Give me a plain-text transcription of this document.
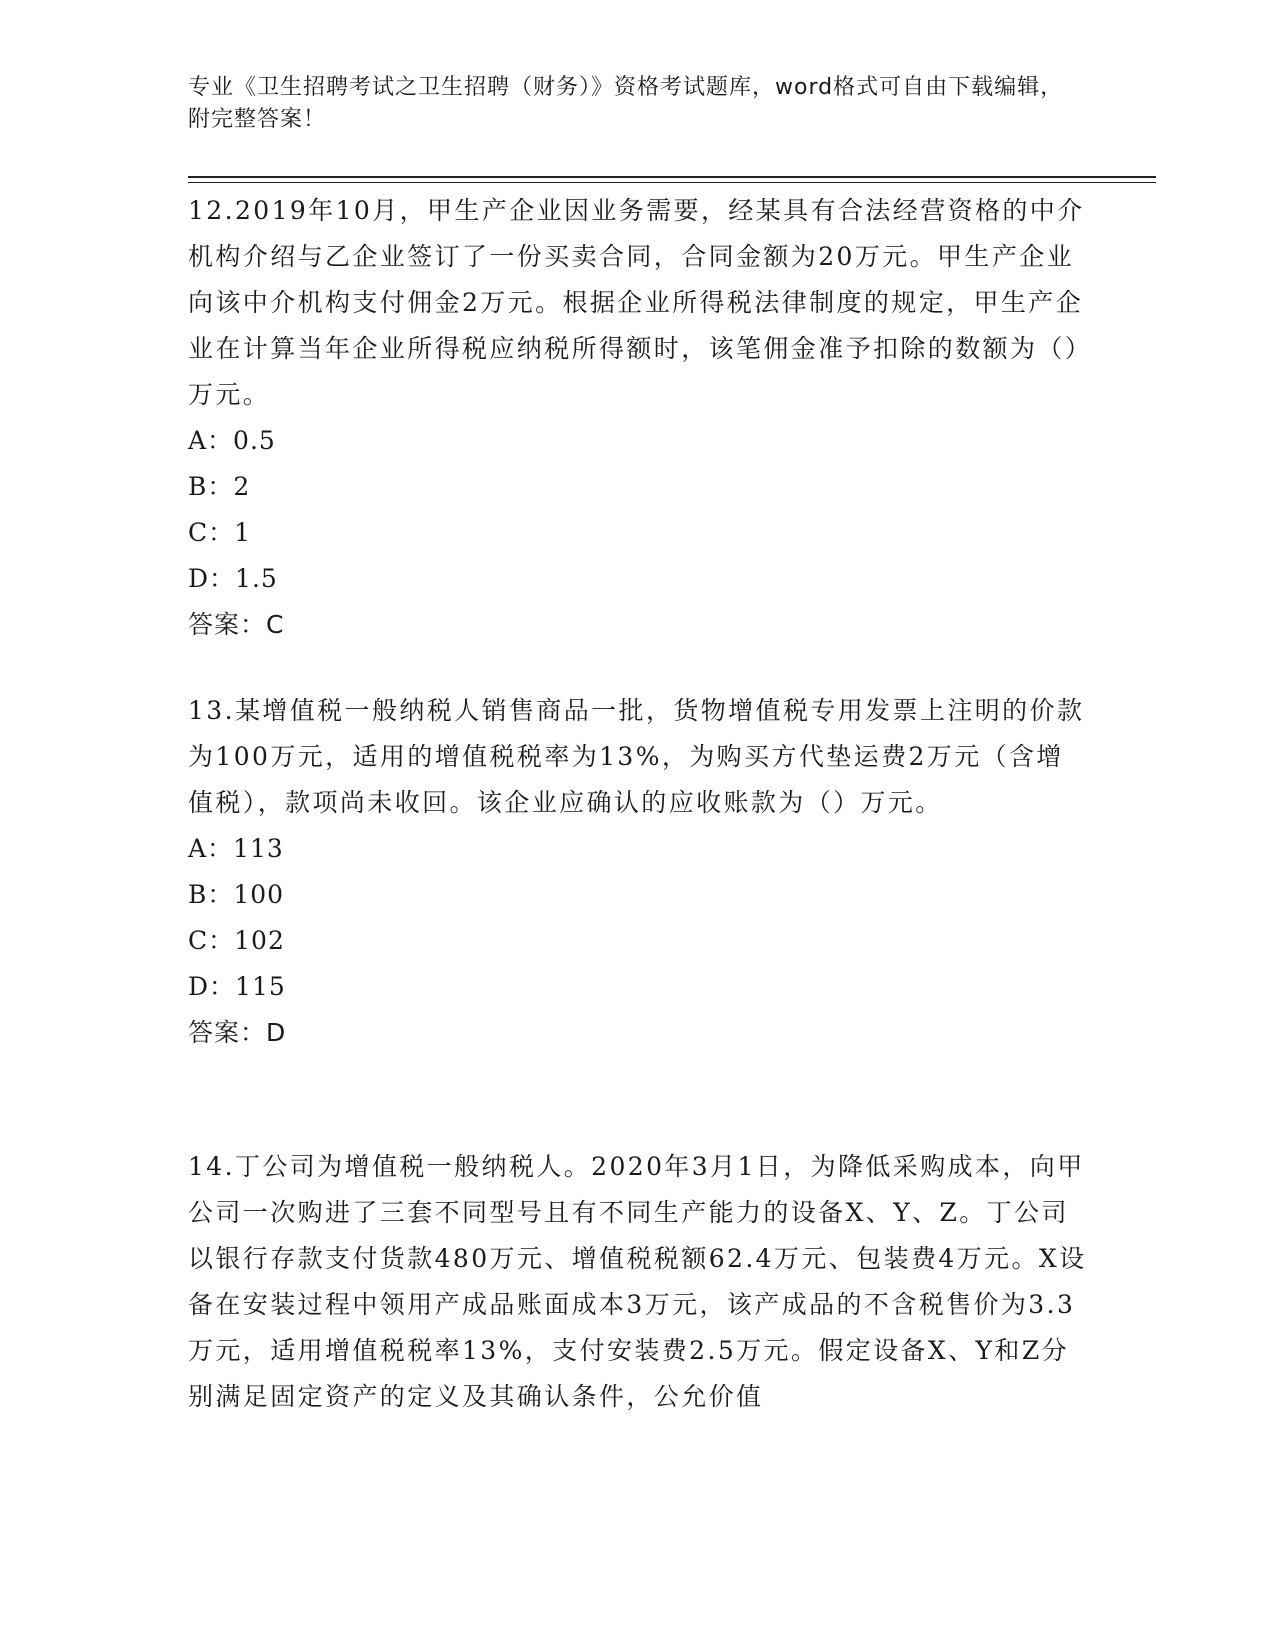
专业《卫生招聘考试之卫生招聘（财务）》资格考试题库，word格式可自由下载编辑，附完整答案！

12.2019年10月，甲生产企业因业务需要，经某具有合法经营资格的中介机构介绍与乙企业签订了一份买卖合同，合同金额为20万元。甲生产企业向该中介机构支付佣金2万元。根据企业所得税法律制度的规定，甲生产企业在计算当年企业所得税应纳税所得额时，该笔佣金准予扣除的数额为（）万元。

A：0.5

B：2

C：1

D：1.5

答案：C

13.某增值税一般纳税人销售商品一批，货物增值税专用发票上注明的价款为100万元，适用的增值税税率为13%，为购买方代垫运费2万元（含增值税），款项尚未收回。该企业应确认的应收账款为（）万元。

A：113

B：100

C：102

D：115

答案：D

14.丁公司为增值税一般纳税人。2020年3月1日，为降低采购成本，向甲公司一次购进了三套不同型号且有不同生产能力的设备X、Y、Z。丁公司以银行存款支付货款480万元、增值税税额62.4万元、包装费4万元。X设备在安装过程中领用产成品账面成本3万元，该产成品的不含税售价为3.3万元，适用增值税税率13%，支付安装费2.5万元。假定设备X、Y和Z分别满足固定资产的定义及其确认条件，公允价值
